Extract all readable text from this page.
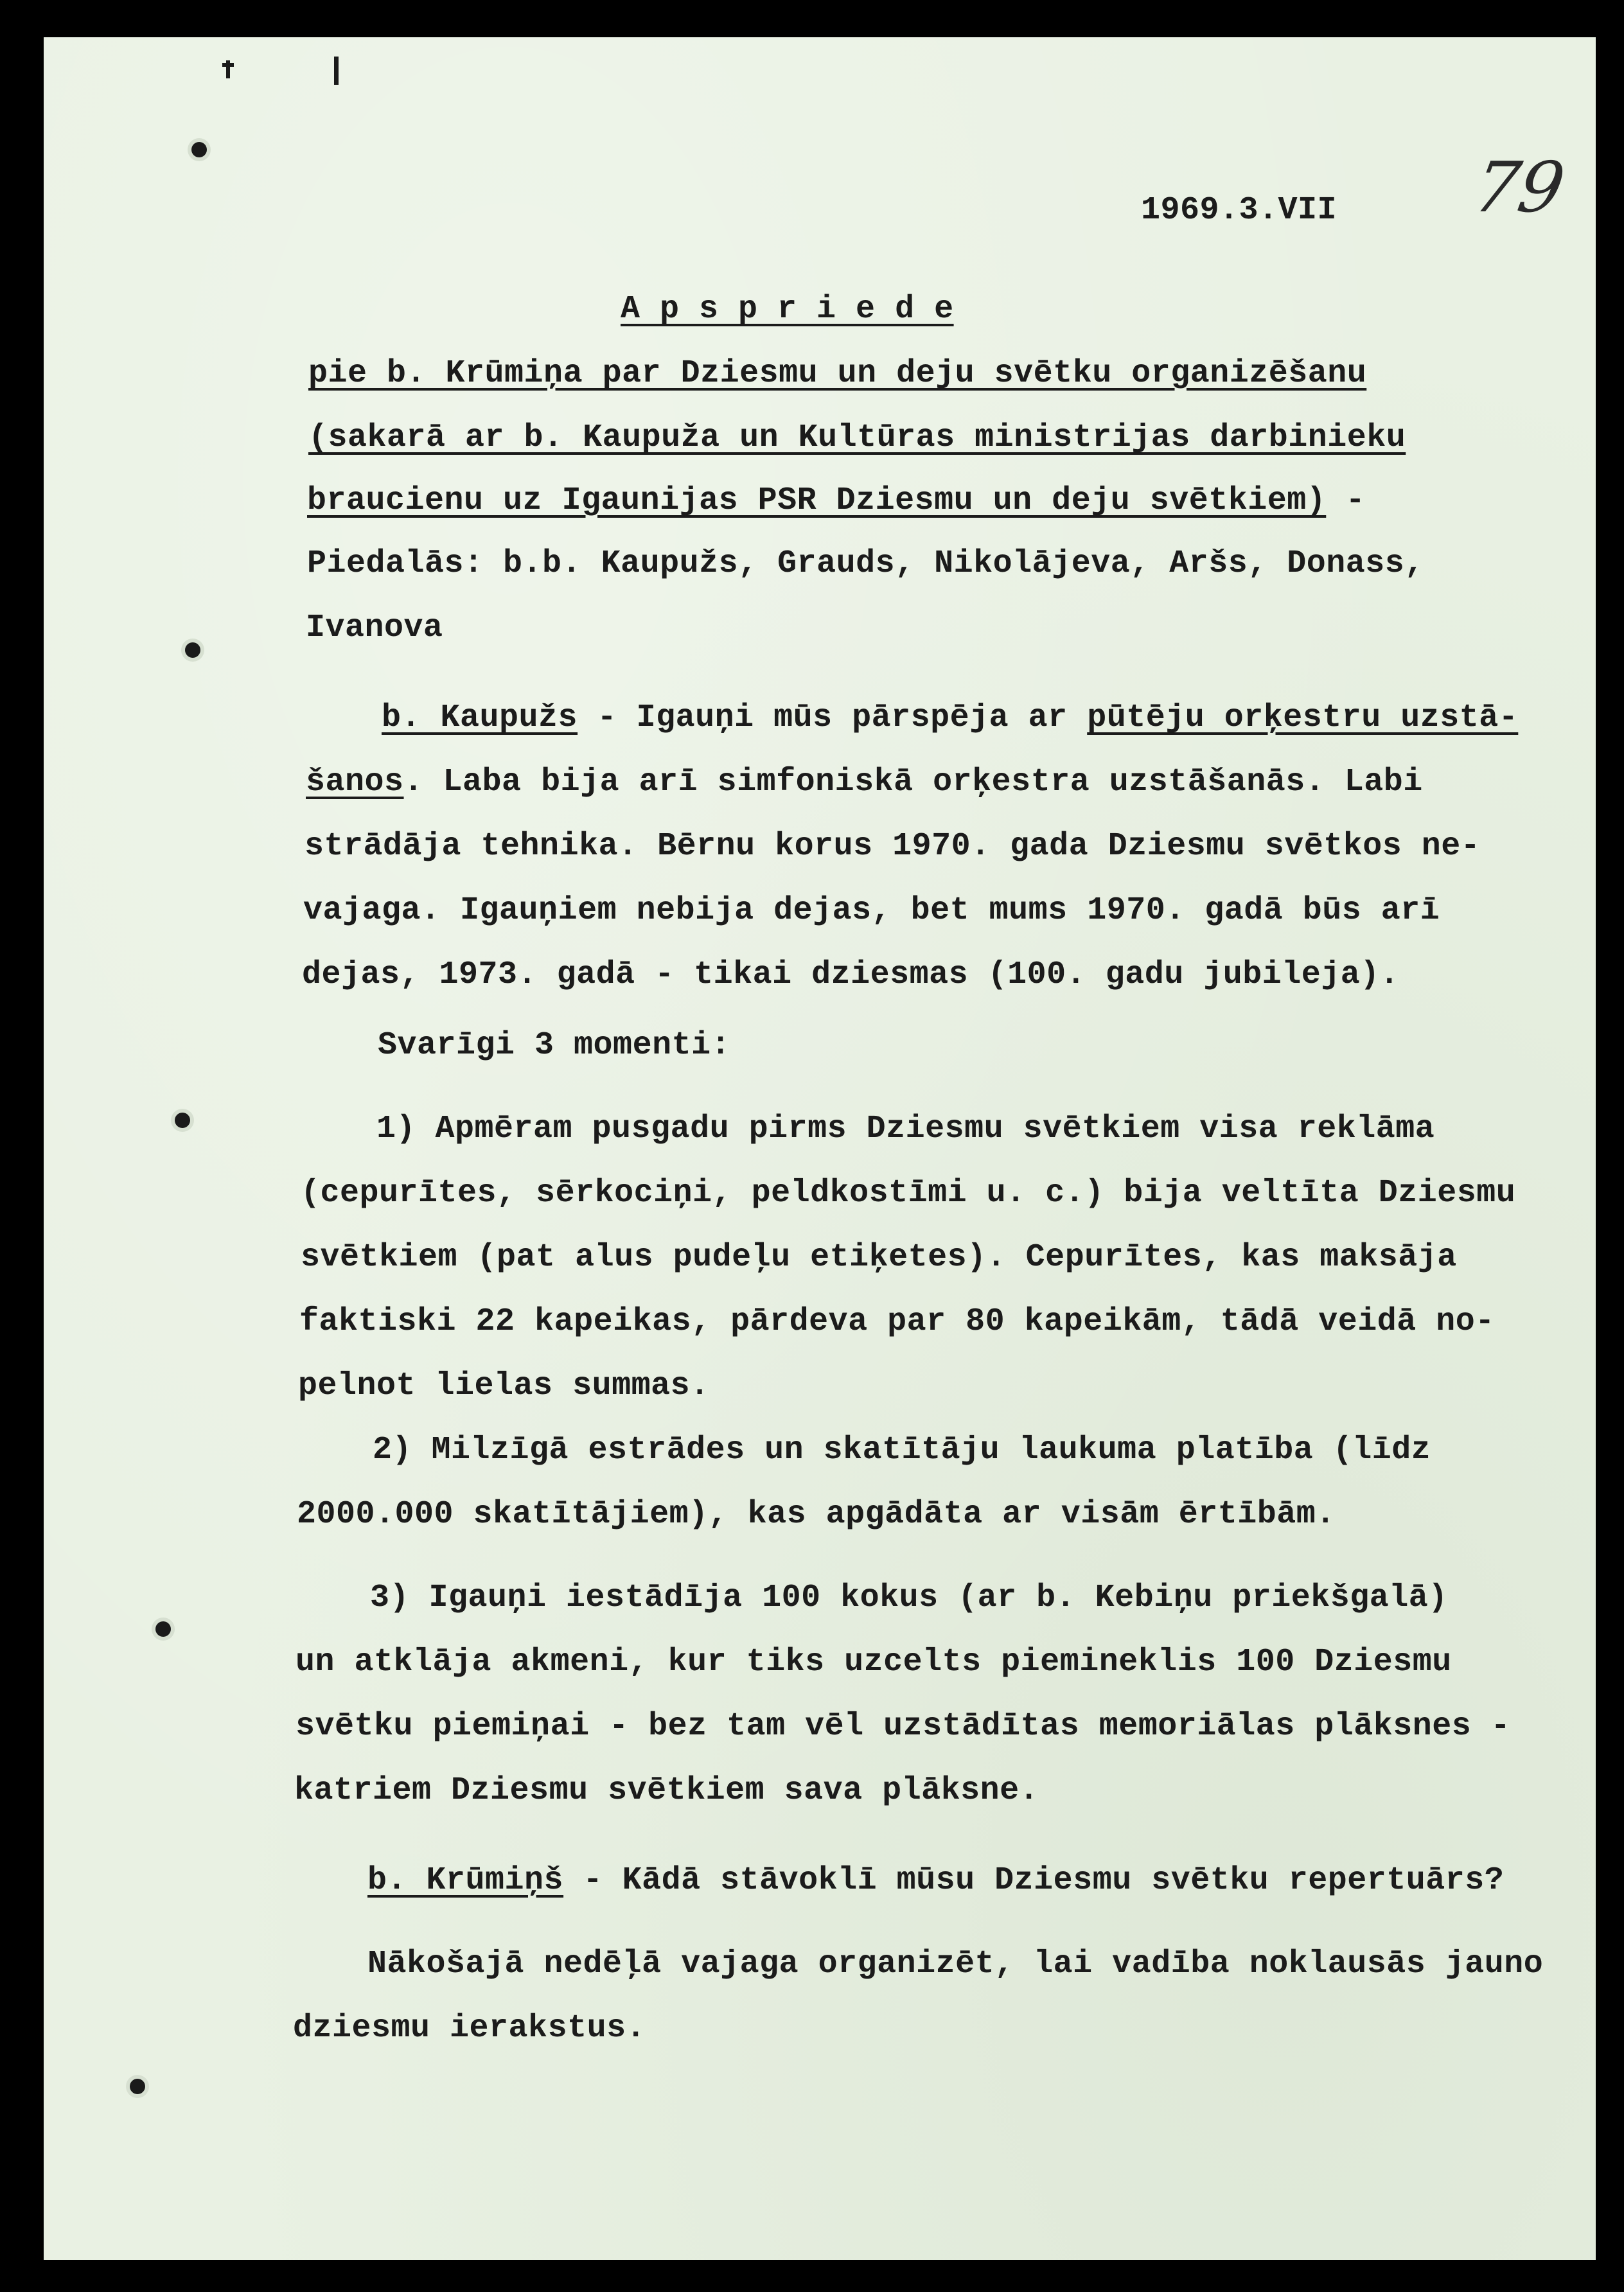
79
1969.3.VII
A p s p r i e d e
pie b. Krūmiņa par Dziesmu un deju svētku organizēšanu
(sakarā ar b. Kaupuža un Kultūras ministrijas darbinieku
braucienu uz Igaunijas PSR Dziesmu un deju svētkiem) -
Piedalās: b.b. Kaupužs, Grauds, Nikolājeva, Aršs, Donass,
Ivanova
b. Kaupužs - Igauņi mūs pārspēja ar pūtēju orķestru uzstā-
šanos. Laba bija arī simfoniskā orķestra uzstāšanās. Labi
strādāja tehnika. Bērnu korus 1970. gada Dziesmu svētkos ne-
vajaga. Igauņiem nebija dejas, bet mums 1970. gadā būs arī
dejas, 1973. gadā - tikai dziesmas (100. gadu jubileja).
Svarīgi 3 momenti:
1) Apmēram pusgadu pirms Dziesmu svētkiem visa reklāma
(cepurītes, sērkociņi, peldkostīmi u. c.) bija veltīta Dziesmu
svētkiem (pat alus pudeļu etiķetes). Cepurītes, kas maksāja
faktiski 22 kapeikas, pārdeva par 80 kapeikām, tādā veidā no-
pelnot lielas summas.
2) Milzīgā estrādes un skatītāju laukuma platība (līdz
2000.000 skatītājiem), kas apgādāta ar visām ērtībām.
3) Igauņi iestādīja 100 kokus (ar b. Kebiņu priekšgalā)
un atklāja akmeni, kur tiks uzcelts piemineklis 100 Dziesmu
svētku piemiņai - bez tam vēl uzstādītas memoriālas plāksnes -
katriem Dziesmu svētkiem sava plāksne.
b. Krūmiņš - Kādā stāvoklī mūsu Dziesmu svētku repertuārs?
Nākošajā nedēļā vajaga organizēt, lai vadība noklausās jauno
dziesmu ierakstus.
